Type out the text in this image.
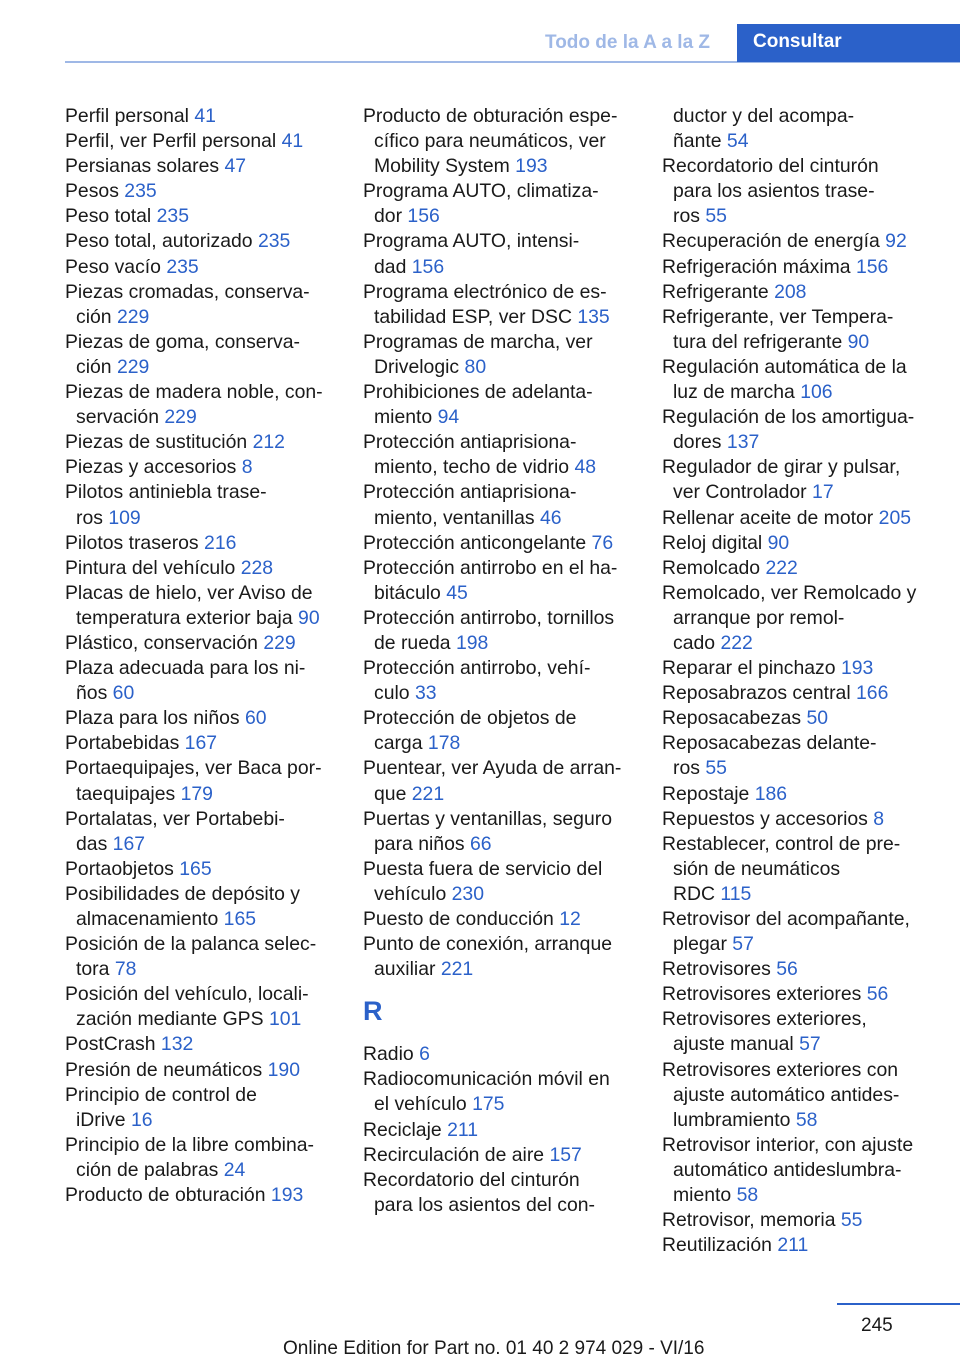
Todo de la A a la Z	Consultar
Perfil personal 41
Perfil, ver Perfil personal 41
Persianas solares 47
Pesos 235
Peso total 235
Peso total, autorizado 235
Peso vacío 235
Piezas cromadas, conserva-
ción 229
Piezas de goma, conserva-
ción 229
Piezas de madera noble, con-
servación 229
Piezas de sustitución 212
Piezas y accesorios 8
Pilotos antiniebla trase-
ros 109
Pilotos traseros 216
Pintura del vehículo 228
Placas de hielo, ver Aviso de
temperatura exterior baja 90
Plástico, conservación 229
Plaza adecuada para los ni-
ños 60
Plaza para los niños 60
Portabebidas 167
Portaequipajes, ver Baca por-
taequipajes 179
Portalatas, ver Portabebi-
das 167
Portaobjetos 165
Posibilidades de depósito y
almacenamiento 165
Posición de la palanca selec-
tora 78
Posición del vehículo, locali-
zación mediante GPS 101
PostCrash 132
Presión de neumáticos 190
Principio de control de
iDrive 16
Principio de la libre combina-
ción de palabras 24
Producto de obturación 193
Producto de obturación espe-
cífico para neumáticos, ver
Mobility System 193
Programa AUTO, climatiza-
dor 156
Programa AUTO, intensi-
dad 156
Programa electrónico de es-
tabilidad ESP, ver DSC 135
Programas de marcha, ver
Drivelogic 80
Prohibiciones de adelanta-
miento 94
Protección antiaprisiona-
miento, techo de vidrio 48
Protección antiaprisiona-
miento, ventanillas 46
Protección anticongelante 76
Protección antirrobo en el ha-
bitáculo 45
Protección antirrobo, tornillos
de rueda 198
Protección antirrobo, vehí-
culo 33
Protección de objetos de
carga 178
Puentear, ver Ayuda de arran-
que 221
Puertas y ventanillas, seguro
para niños 66
Puesta fuera de servicio del
vehículo 230
Puesto de conducción 12
Punto de conexión, arranque
auxiliar 221
R
Radio 6
Radiocomunicación móvil en
el vehículo 175
Reciclaje 211
Recirculación de aire 157
Recordatorio del cinturón
para los asientos del con-
ductor y del acompa-
ñante 54
Recordatorio del cinturón
para los asientos trase-
ros 55
Recuperación de energía 92
Refrigeración máxima 156
Refrigerante 208
Refrigerante, ver Tempera-
tura del refrigerante 90
Regulación automática de la
luz de marcha 106
Regulación de los amortigua-
dores 137
Regulador de girar y pulsar,
ver Controlador 17
Rellenar aceite de motor 205
Reloj digital 90
Remolcado 222
Remolcado, ver Remolcado y
arranque por remol-
cado 222
Reparar el pinchazo 193
Reposabrazos central 166
Reposacabezas 50
Reposacabezas delante-
ros 55
Repostaje 186
Repuestos y accesorios 8
Restablecer, control de pre-
sión de neumáticos
RDC 115
Retrovisor del acompañante,
plegar 57
Retrovisores 56
Retrovisores exteriores 56
Retrovisores exteriores,
ajuste manual 57
Retrovisores exteriores con
ajuste automático antides-
lumbramiento 58
Retrovisor interior, con ajuste
automático antideslumbra-
miento 58
Retrovisor, memoria 55
Reutilización 211
245
Online Edition for Part no. 01 40 2 974 029 - VI/16
